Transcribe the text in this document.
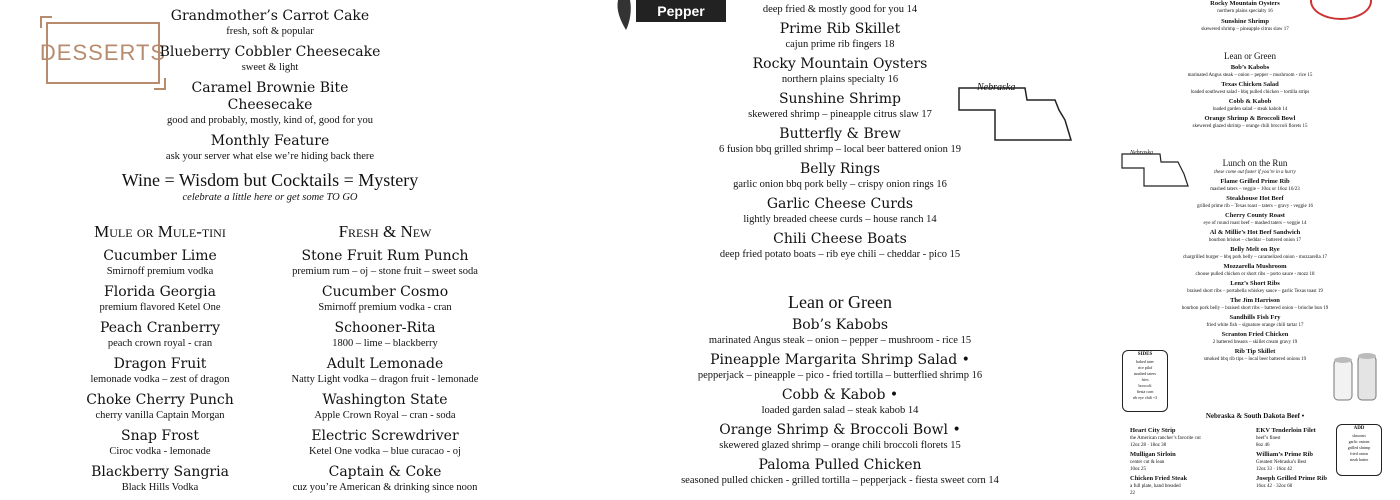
DESSERTS
Grandmother’s Carrot Cake
fresh, soft & popular
Blueberry Cobbler Cheesecake
sweet & light
Caramel Brownie Bite Cheesecake
good and probably, mostly, kind of, good for you
Monthly Feature
ask your server what else we’re hiding back there
Wine = Wisdom but Cocktails = Mystery
celebrate a little here or get some TO GO
Mule or Mule-tini
Cucumber Lime
Smirnoff premium vodka
Florida Georgia
premium flavored Ketel One
Peach Cranberry
peach crown royal - cran
Dragon Fruit
lemonade vodka – zest of dragon
Choke Cherry Punch
cherry vanilla Captain Morgan
Snap Frost
Ciroc vodka - lemonade
Blackberry Sangria
Black Hills Vodka
Fresh & New
Stone Fruit Rum Punch
premium rum – oj – stone fruit – sweet soda
Cucumber Cosmo
Smirnoff premium vodka - cran
Schooner-Rita
1800 – lime – blackberry
Adult Lemonade
Natty Light vodka – dragon fruit - lemonade
Washington State
Apple Crown Royal – cran - soda
Electric Screwdriver
Ketel One vodka – blue curacao - oj
Captain & Coke
cuz you’re American & drinking since noon
Pepper	deep fried & mostly good for you 14
Prime Rib Skillet
cajun prime rib fingers 18
Rocky Mountain Oysters
northern plains specialty 16
Sunshine Shrimp
skewered shrimp – pineapple citrus slaw 17
Butterfly & Brew
6 fusion bbq grilled shrimp – local beer battered onion 19
Belly Rings
garlic onion bbq pork belly – crispy onion rings 16
Garlic Cheese Curds
lightly breaded cheese curds – house ranch 14
Chili Cheese Boats
deep fried potato boats – rib eye chili – cheddar - pico 15
Lean or Green
Bob’s Kabobs
marinated Angus steak – onion – pepper – mushroom - rice 15
Pineapple Margarita Shrimp Salad •
pepperjack – pineapple – pico - fried tortilla – butterflied shrimp 16
Cobb & Kabob •
loaded garden salad – steak kabob 14
Orange Shrimp & Broccoli Bowl •
skewered glazed shrimp – orange chili broccoli florets 15
Paloma Pulled Chicken
seasoned pulled chicken - grilled tortilla – pepperjack - fiesta sweet corn 14
Nebraska
Rocky Mountain Oysters
northern plains specialty 16
Sunshine Shrimp
skewered shrimp – pineapple citrus slaw 17
Lean or Green
Bob’s Kabobs
marinated Angus steak – onion – pepper – mushroom - rice 15
Texas Chicken Salad
loaded southwest salad - bbq pulled chicken – tortilla strips
Cobb & Kabob
loaded garden salad – steak kabob 14
Orange Shrimp & Broccoli Bowl
skewered glazed shrimp – orange chili broccoli florets 15
Nebraska
Lunch on the Run
these come out faster if you’re in a hurry
Flame Grilled Prime Rib
mashed taters – veggie – 10oz or 16oz 16/23
Steakhouse Hot Beef
grilled prime rib – Texas toast – taters – gravy - veggie 16
Cherry County Roast
eye of round roast beef – mashed taters – veggie 14
Al & Millie’s Hot Beef Sandwich
bourbon brisket – cheddar – battered onion 17
Belly Melt on Rye
chargrilled burger – bbq pork belly – caramelized onion - mozzarella 17
Mozzarella Mushroom
choose pulled chicken or short ribs – porto sauce - mozz 18
Lenz’s Short Ribs
braised short ribs – portabella whiskey sauce – garlic Texas toast 19
The Jim Harrison
bourbon pork belly – braised short ribs – battered onion – brioche bun 19
Sandhills Fish Fry
fried white fish – signature orange chili tartar 17
Scranton Fried Chicken
2 battered breasts – skillet cream gravy 19
Rib Tip Skillet
smoked bbq rib tips – local beer battered onions 19
SIDES
baked tater
rice pilaf
mashed taters
fries
broccoli
fiesta corn
rib eye chili +3
Nebraska & South Dakota Beef •
Heart City Strip
the American rancher’s favorite cut
12oz 28 · 18oz 38
Mulligan Sirloin
center cut & lean
10oz 25
Chicken Fried Steak
a full plate, hand breaded
22
EKV Tenderloin Filet
beef’s finest
8oz 46
William’s Prime Rib
Greatest Nebraska’s Best
12oz 33 · 16oz 42
Joseph Grilled Prime Rib
16oz 42 · 32oz 68
ADD
shrooms
garlic onions
grilled shrimp
fried onion
steak butter
